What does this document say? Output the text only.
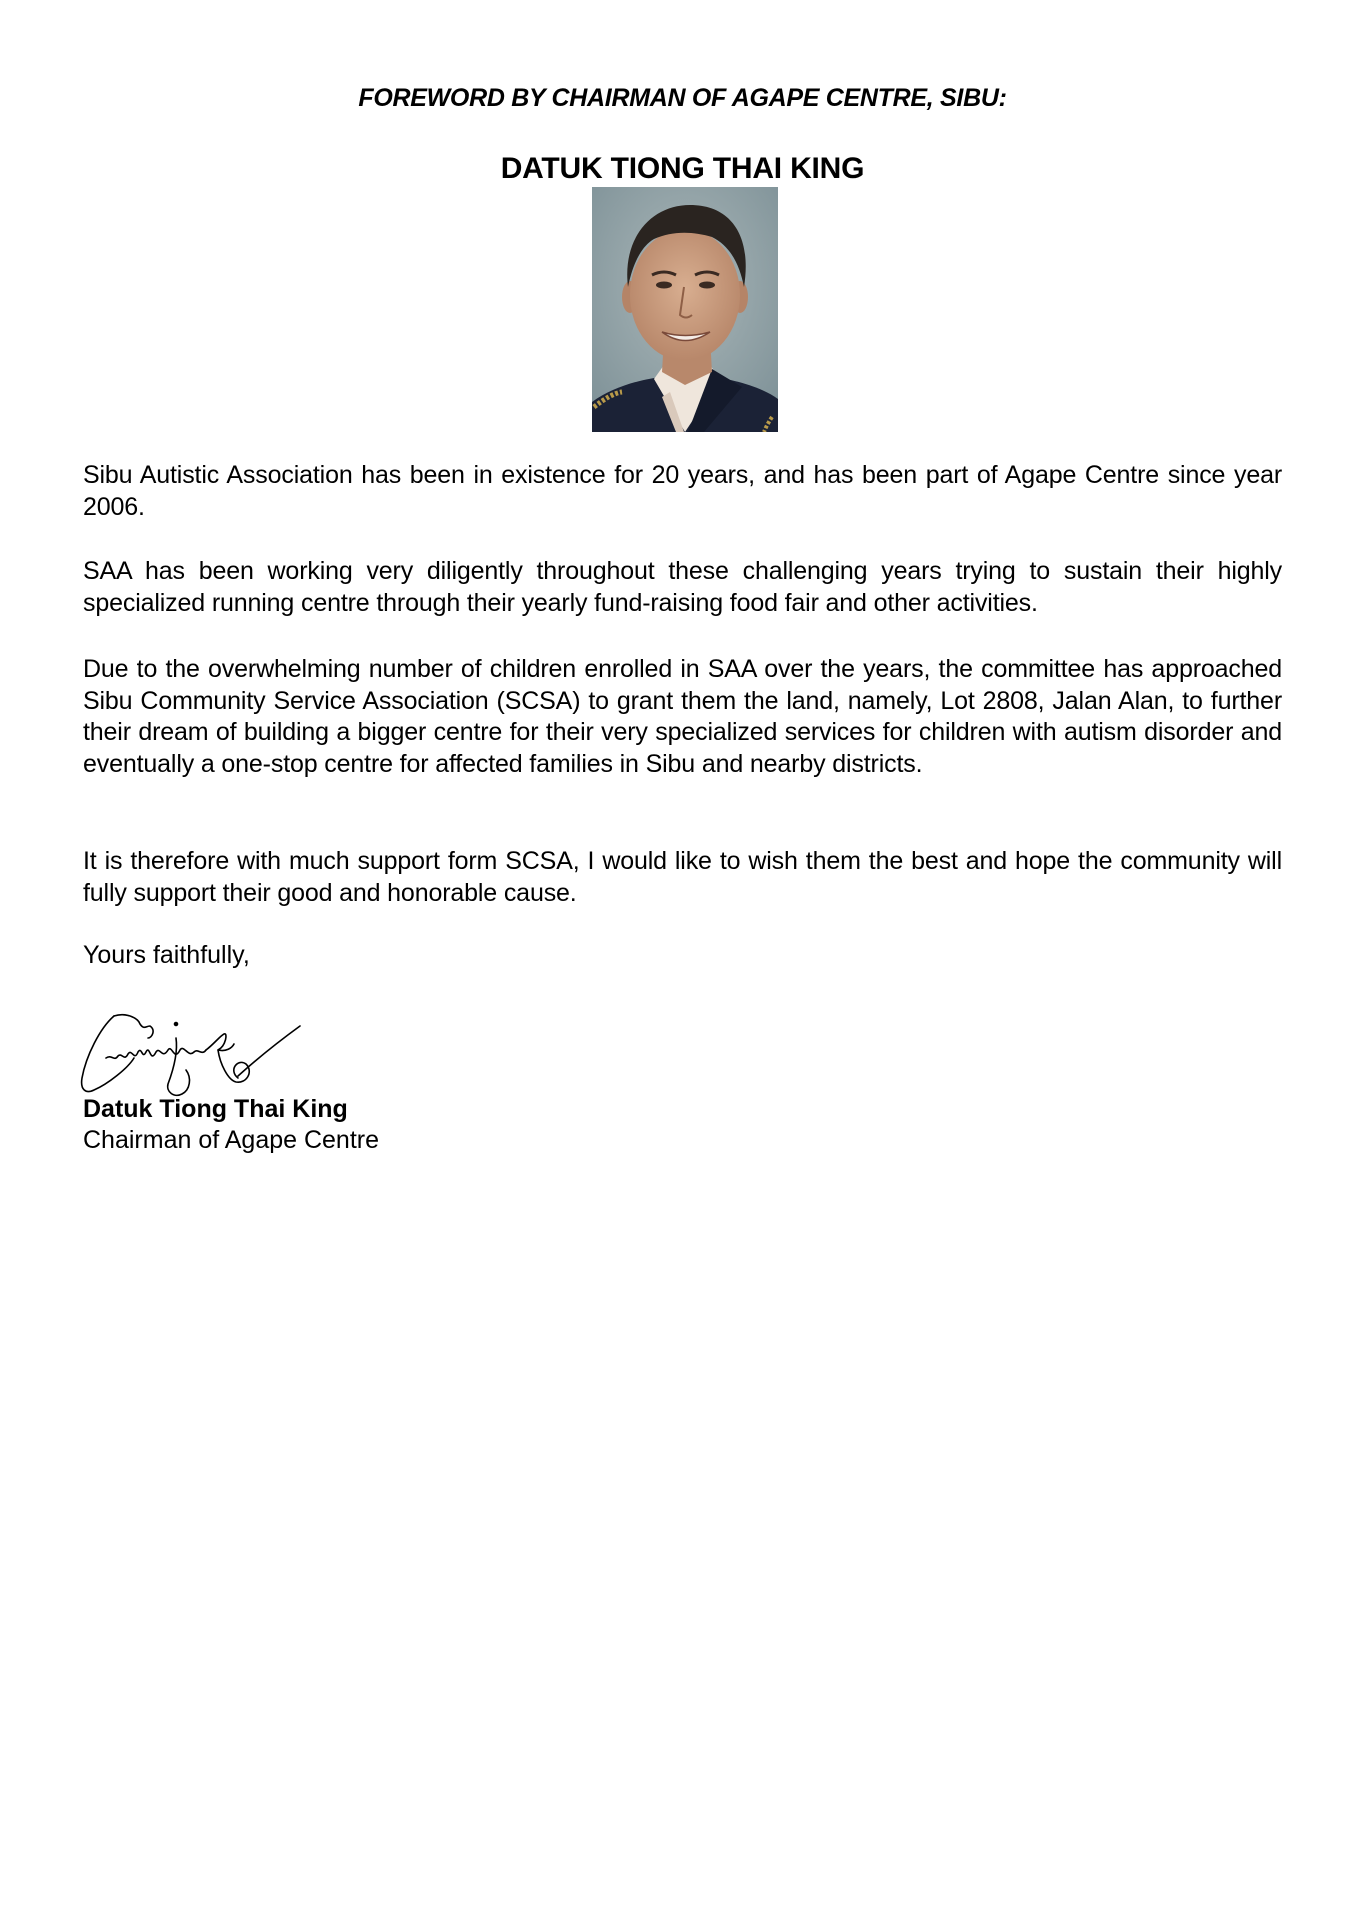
FOREWORD BY CHAIRMAN OF AGAPE CENTRE, SIBU:
DATUK TIONG THAI KING

Sibu Autistic Association has been in existence for 20 years, and has been part of Agape Centre since year 2006.

SAA has been working very diligently throughout these challenging years trying to sustain their highly specialized running centre through their yearly fund-raising food fair and other activities.

Due to the overwhelming number of children enrolled in SAA over the years, the committee has approached Sibu Community Service Association (SCSA) to grant them the land, namely, Lot 2808, Jalan Alan, to further their dream of building a bigger centre for their very specialized services for children with autism disorder and eventually a one-stop centre for affected families in Sibu and nearby districts.

It is therefore with much support form SCSA, I would like to wish them the best and hope the community will fully support their good and honorable cause.

Yours faithfully,
Datuk Tiong Thai King
Chairman of Agape Centre
